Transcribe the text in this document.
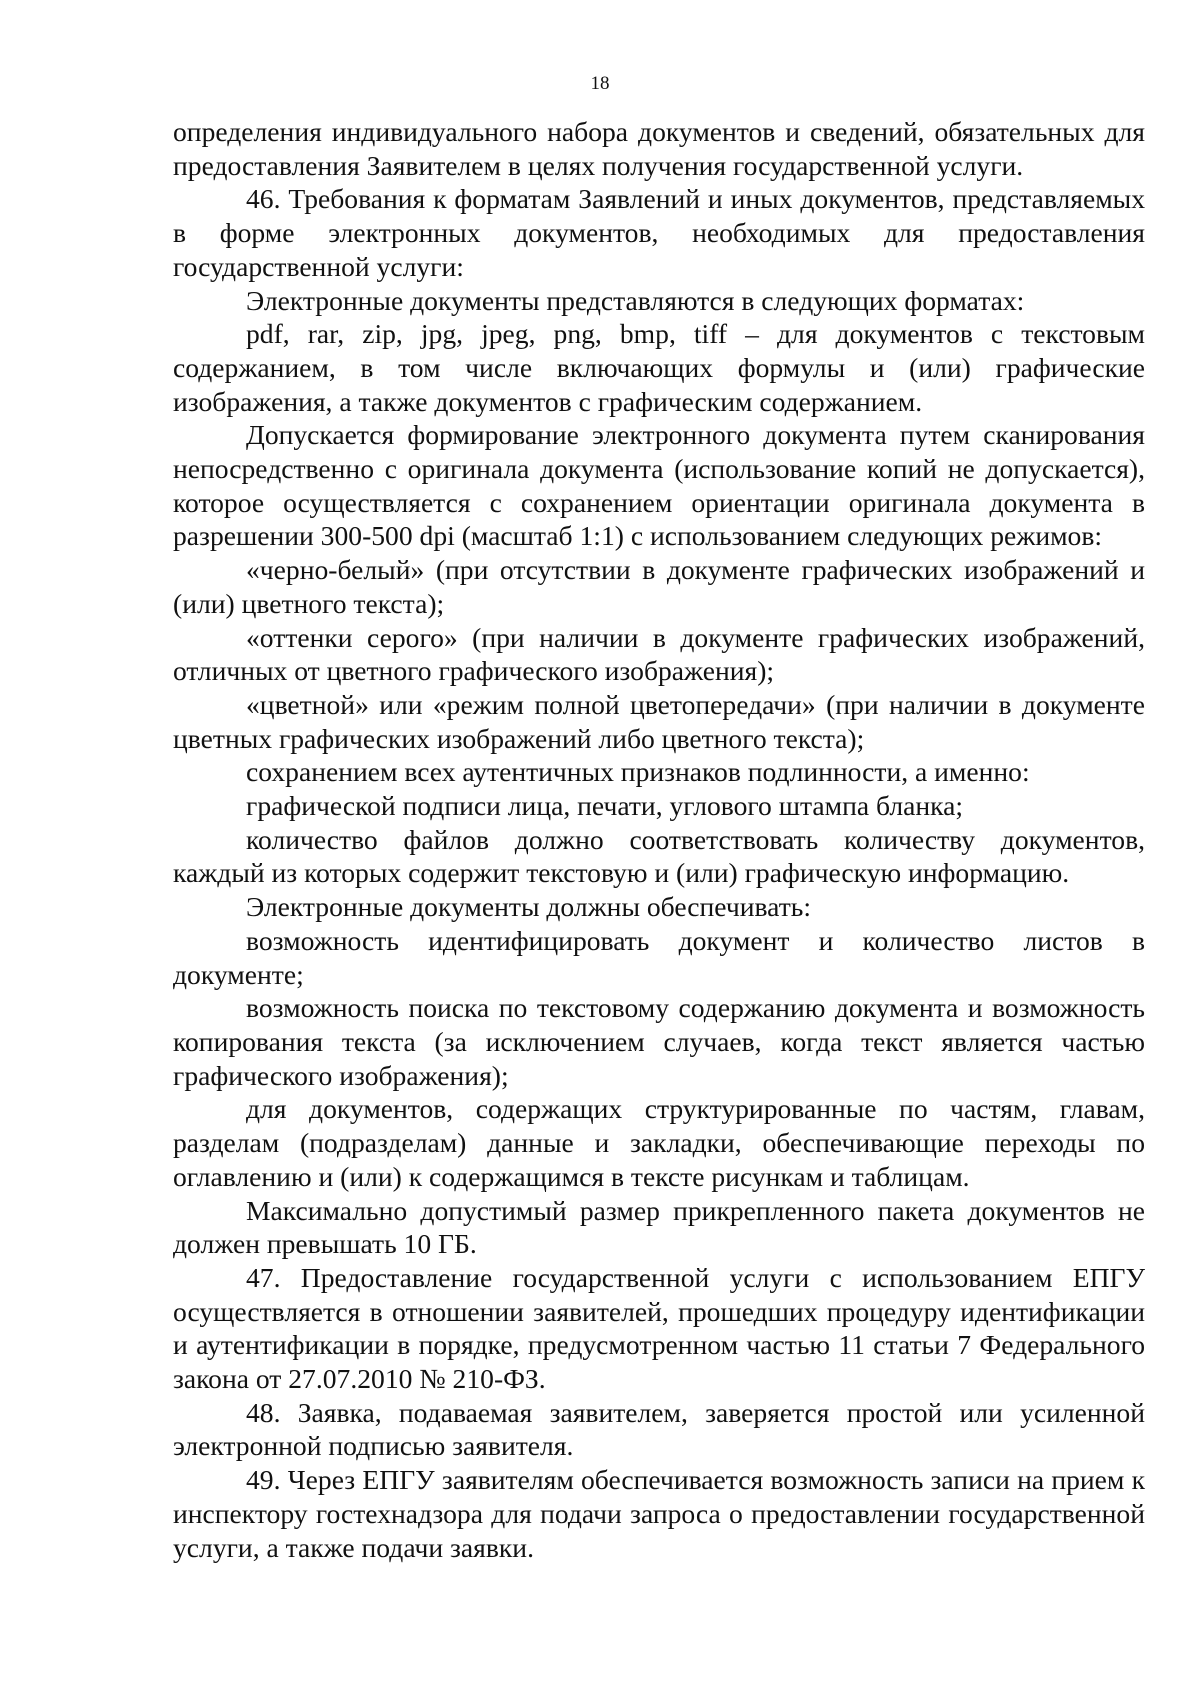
18

определения индивидуального набора документов и сведений, обязательных для предоставления Заявителем в целях получения государственной услуги.

46. Требования к форматам Заявлений и иных документов, представляемых в форме электронных документов, необходимых для предоставления государственной услуги:

Электронные документы представляются в следующих форматах:

pdf, rar, zip, jpg, jpeg, png, bmp, tiff – для документов с текстовым содержанием, в том числе включающих формулы и (или) графические изображения, а также документов с графическим содержанием.

Допускается формирование электронного документа путем сканирования непосредственно с оригинала документа (использование копий не допускается), которое осуществляется с сохранением ориентации оригинала документа в разрешении 300-500 dpi (масштаб 1:1) с использованием следующих режимов:

«черно-белый» (при отсутствии в документе графических изображений и (или) цветного текста);

«оттенки серого» (при наличии в документе графических изображений, отличных от цветного графического изображения);

«цветной» или «режим полной цветопередачи» (при наличии в документе цветных графических изображений либо цветного текста);

сохранением всех аутентичных признаков подлинности, а именно:

графической подписи лица, печати, углового штампа бланка;

количество файлов должно соответствовать количеству документов, каждый из которых содержит текстовую и (или) графическую информацию.

Электронные документы должны обеспечивать:

возможность идентифицировать документ и количество листов в документе;

возможность поиска по текстовому содержанию документа и возможность копирования текста (за исключением случаев, когда текст является частью графического изображения);

для документов, содержащих структурированные по частям, главам, разделам (подразделам) данные и закладки, обеспечивающие переходы по оглавлению и (или) к содержащимся в тексте рисункам и таблицам.

Максимально допустимый размер прикрепленного пакета документов не должен превышать 10 ГБ.

47. Предоставление государственной услуги с использованием ЕПГУ осуществляется в отношении заявителей, прошедших процедуру идентификации и аутентификации в порядке, предусмотренном частью 11 статьи 7 Федерального закона от 27.07.2010 № 210-ФЗ.

48. Заявка, подаваемая заявителем, заверяется простой или усиленной электронной подписью заявителя.

49. Через ЕПГУ заявителям обеспечивается возможность записи на прием к инспектору гостехнадзора для подачи запроса о предоставлении государственной услуги, а также подачи заявки.
